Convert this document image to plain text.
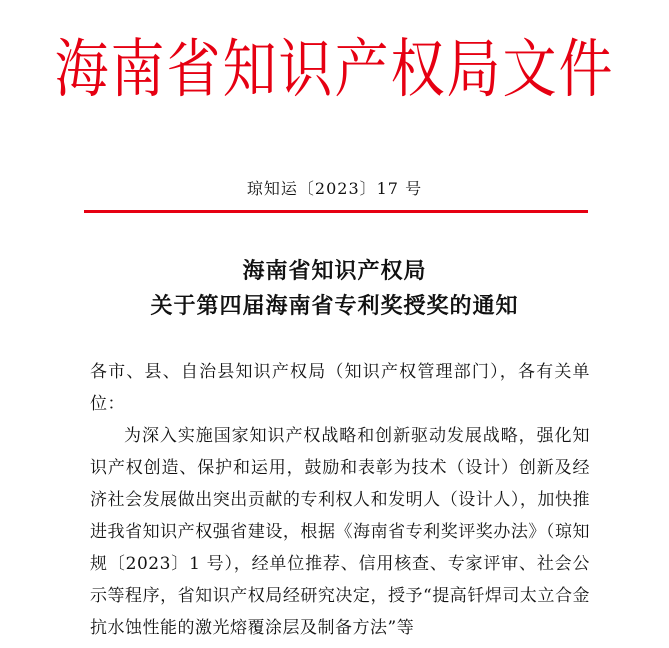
海南省知识产权局文件
琼知运〔2023〕17 号
海南省知识产权局
关于第四届海南省专利奖授奖的通知

各市、县、自治县知识产权局（知识产权管理部门），各有关单位：

为深入实施国家知识产权战略和创新驱动发展战略，强化知识产权创造、保护和运用，鼓励和表彰为技术（设计）创新及经济社会发展做出突出贡献的专利权人和发明人（设计人），加快推进我省知识产权强省建设，根据《海南省专利奖评奖办法》（琼知规〔2023〕1 号），经单位推荐、信用核查、专家评审、社会公示等程序，省知识产权局经研究决定，授予“提高钎焊司太立合金抗水蚀性能的激光熔覆涂层及制备方法”等
